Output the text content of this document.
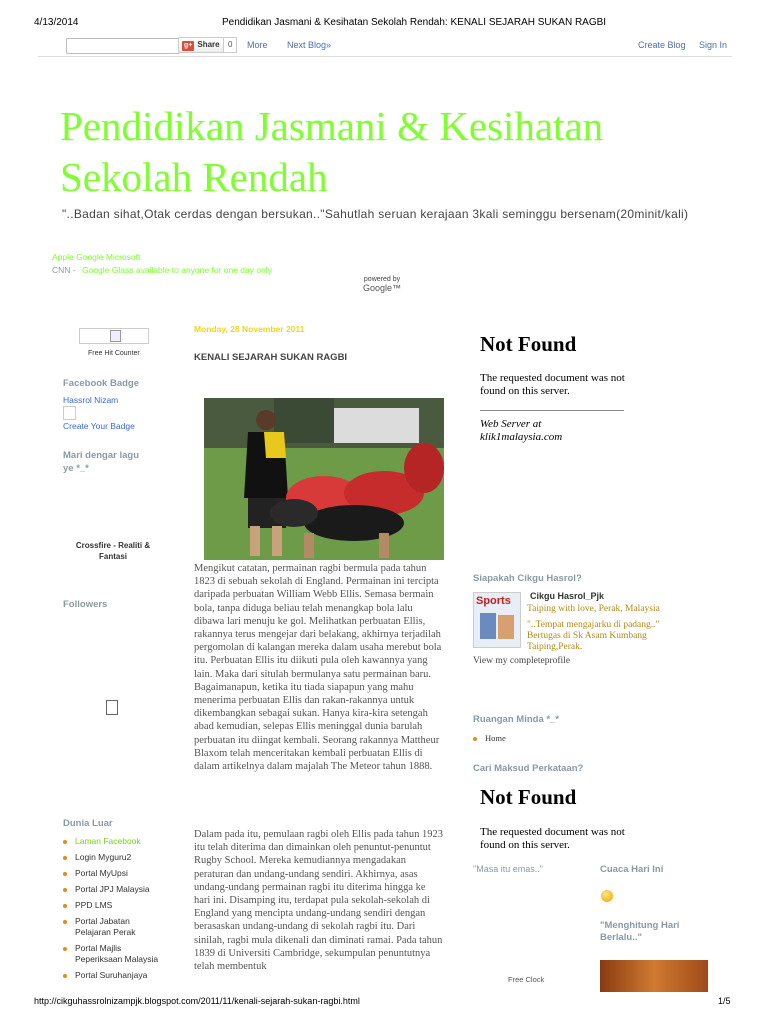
4/13/2014	Pendidikan Jasmani & Kesihatan Sekolah Rendah: KENALI SEJARAH SUKAN RAGBI
g+ Share	0	More Next Blog»	Create Blog Sign In
Pendidikan Jasmani & Kesihatan
Sekolah Rendah
"..Badan sihat,Otak cerdas dengan bersukan.."Sahutlah seruan kerajaan 3kali seminggu bersenam(20minit/kali)
Apple Google Microsoft
CNN - Google Glass available to anyone for one day only
powered by
Google™
Free Hit Counter
Facebook Badge
Hassrol Nizam
Create Your Badge
Mari dengar lagu
ye *_*
Crossfire - Realiti &
Fantasi
Followers
Dunia Luar
Laman Facebook
Login Myguru2
Portal MyUpsi
Portal JPJ Malaysia
PPD LMS
Portal Jabatan Pelajaran Perak
Portal Majlis Peperiksaan Malaysia
Portal Suruhanjaya
Monday, 28 November 2011
KENALI SEJARAH SUKAN RAGBI
Mengikut catatan, permainan ragbi bermula pada tahun 1823 di sebuah sekolah di England. Permainan ini tercipta daripada perbuatan William Webb Ellis. Semasa bermain bola, tanpa diduga beliau telah menangkap bola lalu dibawa lari menuju ke gol. Melihatkan perbuatan Ellis, rakannya terus mengejar dari belakang, akhirnya terjadilah pergomolan di kalangan mereka dalam usaha merebut bola itu. Perbuatan Ellis itu diikuti pula oleh kawannya yang lain. Maka dari situlah bermulanya satu permainan baru. Bagaimanapun, ketika itu tiada siapapun yang mahu menerima perbuatan Ellis dan rakan-rakannya untuk dikembangkan sebagai sukan. Hanya kira-kira setengah abad kemudian, selepas Ellis meninggal dunia barulah perbuatan itu diingat kembali. Seorang rakannya Mattheur Blaxom telah menceritakan kembali perbuatan Ellis di dalam artikelnya dalam majalah The Meteor tahun 1888.
Dalam pada itu, pemulaan ragbi oleh Ellis pada tahun 1923 itu telah diterima dan dimainkan oleh penuntut-penuntut Rugby School. Mereka kemudiannya mengadakan peraturan dan undang-undang sendiri. Akhirnya, asas undang-undang permainan ragbi itu diterima hingga ke hari ini. Disamping itu, terdapat pula sekolah-sekolah di England yang mencipta undang-undang sendiri dengan berasaskan undang-undang di sekolah ragbi itu. Dari sinilah, ragbi mula dikenali dan diminati ramai. Pada tahun 1839 di Universiti Cambridge, sekumpulan penuntutnya telah membentuk
Not Found
The requested document was not found on this server.
Web Server at
klik1malaysia.com
Siapakah Cikgu Hasrol?
Sports	Cikgu Hasrol_Pjk
Taiping with love, Perak, Malaysia
"..Tempat mengajarku di padang.."
Bertugas di Sk Asam Kumbang
Taiping,Perak.
View my completeprofile
Ruangan Minda *_*
Home
Cari Maksud Perkataan?
Not Found
The requested document was not found on this server.
"Masa itu emas.."	Cuaca Hari Ini
"Menghitung Hari
Berlalu.."
Free Clock
http://cikguhassrolnizampjk.blogspot.com/2011/11/kenali-sejarah-sukan-ragbi.html	1/5
